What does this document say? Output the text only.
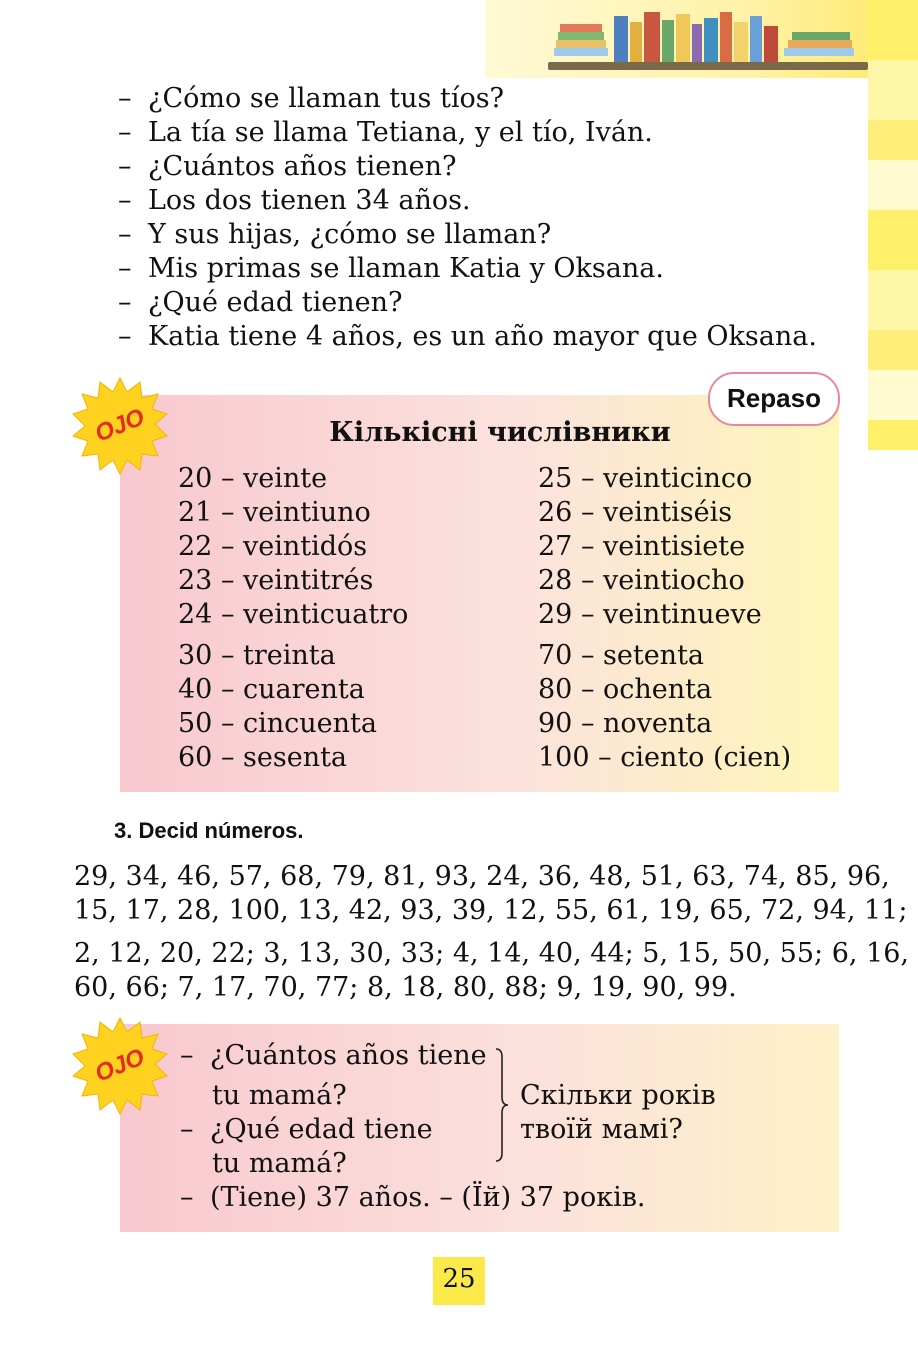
– ¿Cómo se llaman tus tíos?
– La tía se llama Tetiana, y el tío, Iván.
– ¿Cuántos años tienen?
– Los dos tienen 34 años.
– Y sus hijas, ¿cómo se llaman?
– Mis primas se llaman Katia y Oksana.
– ¿Qué edad tienen?
– Katia tiene 4 años, es un año mayor que Oksana.
OJO
Repaso
Кількісні числівники
20 – veinte
21 – veintiuno
22 – veintidós
23 – veintitrés
24 – veinticuatro
25 – veinticinco
26 – veintiséis
27 – veintisiete
28 – veintiocho
29 – veintinueve
30 – treinta
40 – cuarenta
50 – cincuenta
60 – sesenta
70 – setenta
80 – ochenta
90 – noventa
100 – ciento (cien)
3. Decid números.
29, 34, 46, 57, 68, 79, 81, 93, 24, 36, 48, 51, 63, 74, 85, 96,
15, 17, 28, 100, 13, 42, 93, 39, 12, 55, 61, 19, 65, 72, 94, 11;
2, 12, 20, 22; 3, 13, 30, 33; 4, 14, 40, 44; 5, 15, 50, 55; 6, 16,
60, 66; 7, 17, 70, 77; 8, 18, 80, 88; 9, 19, 90, 99.
OJO	– ¿Cuántos años tiene
tu mamá?
– ¿Qué edad tiene
tu mamá?
Скільки років
твоїй мамі?
– (Tiene) 37 años. – (Їй) 37 років.
25
